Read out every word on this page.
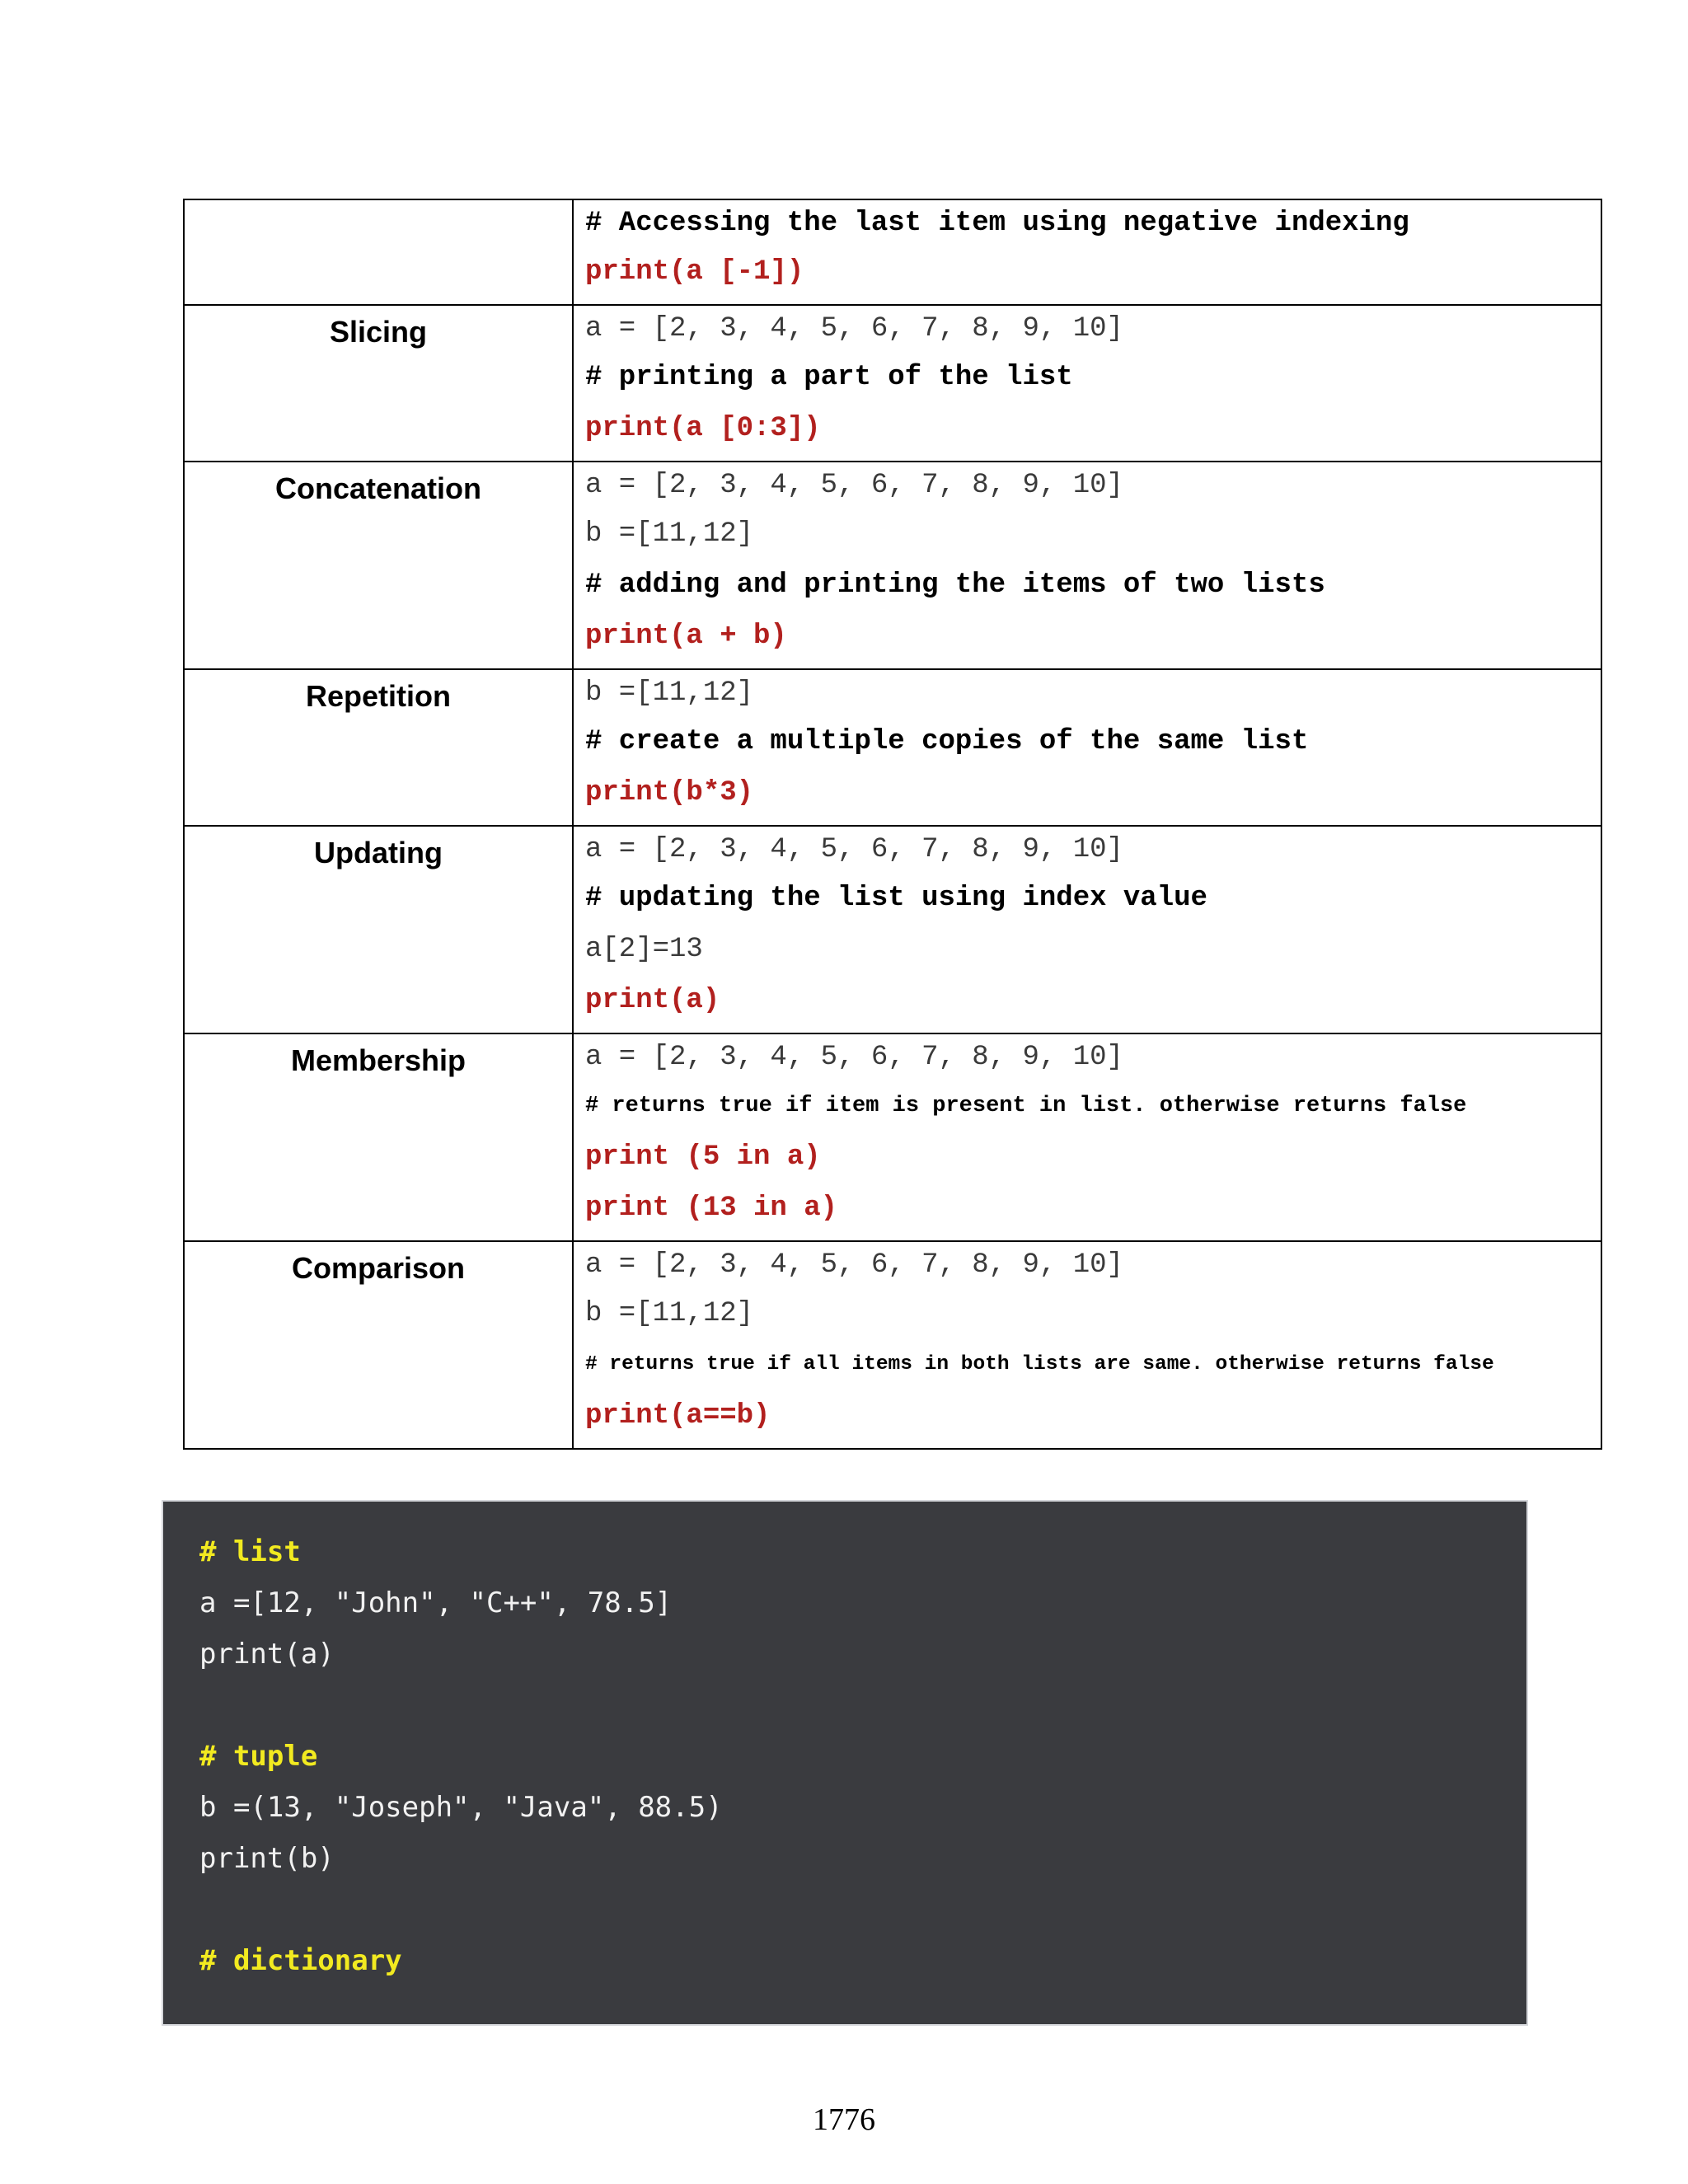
	# Accessing the last item using negative indexing
print(a [-1])

Slicing	a = [2, 3, 4, 5, 6, 7, 8, 9, 10]
# printing a part of the list
print(a [0:3])

Concatenation	a = [2, 3, 4, 5, 6, 7, 8, 9, 10]
b =[11,12]
# adding and printing the items of two lists
print(a + b)

Repetition	b =[11,12]
# create a multiple copies of the same list
print(b*3)

Updating	a = [2, 3, 4, 5, 6, 7, 8, 9, 10]
# updating the list using index value
a[2]=13
print(a)

Membership	a = [2, 3, 4, 5, 6, 7, 8, 9, 10]
# returns true if item is present in list. otherwise returns false
print (5 in a)
print (13 in a)

Comparison	a = [2, 3, 4, 5, 6, 7, 8, 9, 10]
b =[11,12]
# returns true if all items in both lists are same. otherwise returns false
print(a==b)
# list
a =[12, "John", "C++", 78.5]
print(a)
# tuple
b =(13, "Joseph", "Java", 88.5)
print(b)
# dictionary
1776
